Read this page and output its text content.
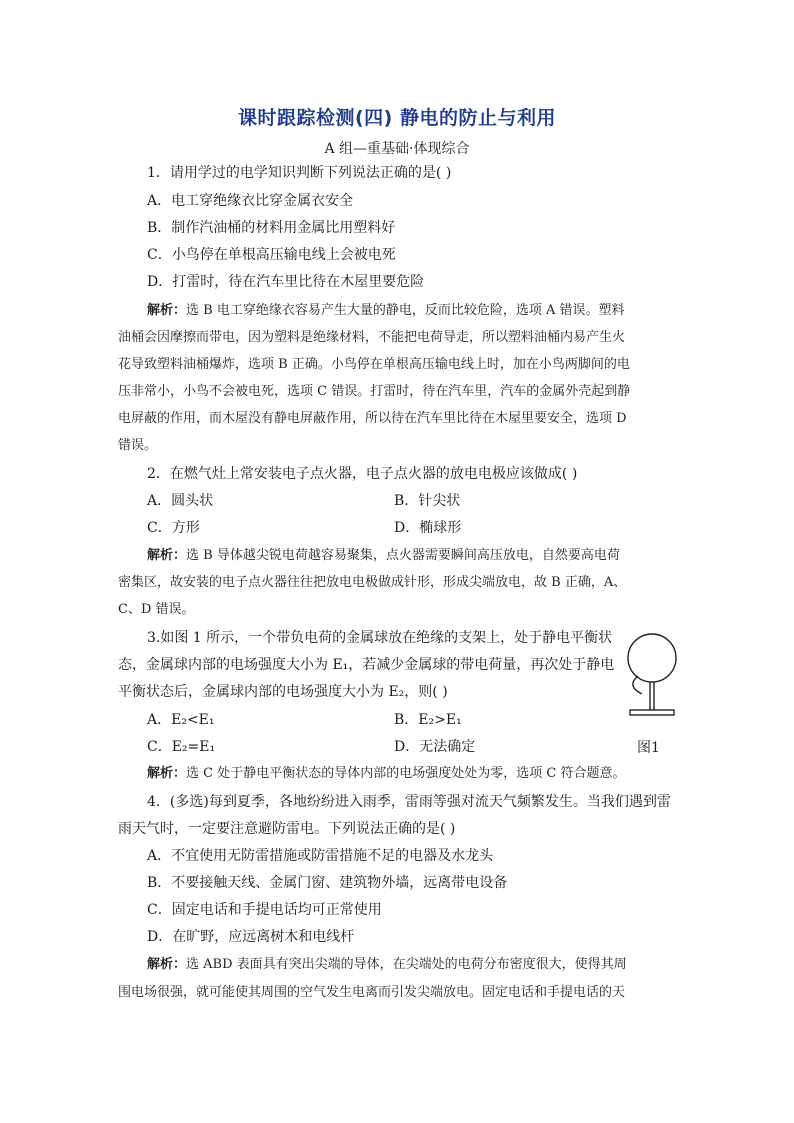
课时跟踪检测(四) 静电的防止与利用
A 组—重基础·体现综合
1．请用学过的电学知识判断下列说法正确的是( )
A．电工穿绝缘衣比穿金属衣安全
B．制作汽油桶的材料用金属比用塑料好
C．小鸟停在单根高压输电线上会被电死
D．打雷时，待在汽车里比待在木屋里要危险
解析：选 B 电工穿绝缘衣容易产生大量的静电，反而比较危险，选项 A 错误。塑料
油桶会因摩擦而带电，因为塑料是绝缘材料，不能把电荷导走，所以塑料油桶内易产生火
花导致塑料油桶爆炸，选项 B 正确。小鸟停在单根高压输电线上时，加在小鸟两脚间的电
压非常小，小鸟不会被电死，选项 C 错误。打雷时，待在汽车里，汽车的金属外壳起到静
电屏蔽的作用，而木屋没有静电屏蔽作用，所以待在汽车里比待在木屋里要安全，选项 D
错误。
2．在燃气灶上常安装电子点火器，电子点火器的放电电极应该做成( )
A．圆头状	B．针尖状
C．方形	D．椭球形
解析：选 B 导体越尖锐电荷越容易聚集，点火器需要瞬间高压放电，自然要高电荷
密集区，故安装的电子点火器往往把放电电极做成针形，形成尖端放电，故 B 正确，A、
C、D 错误。
3.如图 1 所示，一个带负电荷的金属球放在绝缘的支架上，处于静电平衡状
态，金属球内部的电场强度大小为 E₁，若减少金属球的带电荷量，再次处于静电
平衡状态后，金属球内部的电场强度大小为 E₂，则( )
A．E₂<E₁	B．E₂>E₁
C．E₂=E₁	D．无法确定	图1
解析：选 C 处于静电平衡状态的导体内部的电场强度处处为零，选项 C 符合题意。
4．(多选)每到夏季，各地纷纷进入雨季，雷雨等强对流天气频繁发生。当我们遇到雷
雨天气时，一定要注意避防雷电。下列说法正确的是( )
A．不宜使用无防雷措施或防雷措施不足的电器及水龙头
B．不要接触天线、金属门窗、建筑物外墙，远离带电设备
C．固定电话和手提电话均可正常使用
D．在旷野，应远离树木和电线杆
解析：选 ABD 表面具有突出尖端的导体，在尖端处的电荷分布密度很大，使得其周
围电场很强，就可能使其周围的空气发生电离而引发尖端放电。固定电话和手提电话的天
